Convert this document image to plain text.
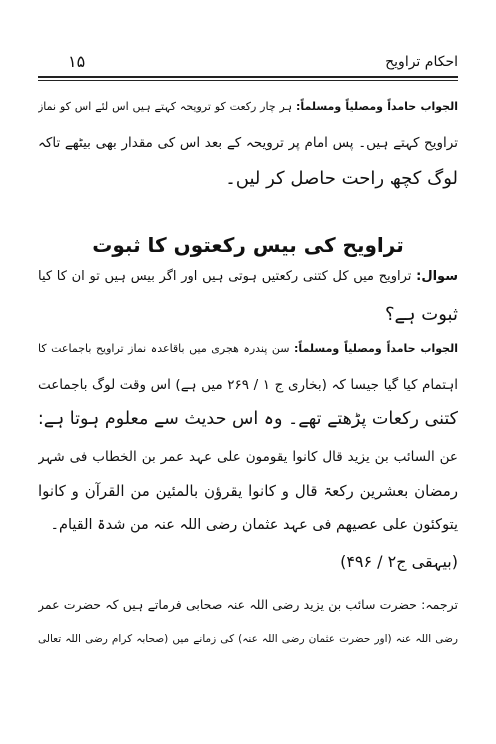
احکام تراویح
۱۵
الجواب حامداً ومصلیاً ومسلماً: ہر چار رکعت کو ترویحہ کہتے ہیں اس لئے اس کو نماز
تراویح کہتے ہیں۔ پس امام پر ترویحہ کے بعد اس کی مقدار بھی بیٹھے تاکہ
لوگ کچھ راحت حاصل کر لیں۔
تراویح کی بیس رکعتوں کا ثبوت
سوال: تراویح میں کل کتنی رکعتیں ہوتی ہیں اور اگر بیس ہیں تو ان کا کیا
ثبوت ہے؟
الجواب حامداً ومصلیاً ومسلماً: سن پندرہ ھجری میں باقاعدہ نماز تراویح باجماعت کا
اہتمام کیا گیا جیسا کہ (بخاری ج ۱ / ۲۶۹ میں ہے) اس وقت لوگ باجماعت
کتنی رکعات پڑھتے تھے۔ وہ اس حدیث سے معلوم ہوتا ہے:
عن السائب بن یزید قال کانوا یقومون علی عہد عمر بن الخطاب فی شہر
رمضان بعشرین رکعۃ قال و کانوا یقرؤن بالمئین من القرآن و کانوا
یتوکئون علی عصیهم فی عہد عثمان رضی اللہ عنہ من شدۃ القیام۔
(بیہقی ج۲ / ۴۹۶)
ترجمہ: حضرت سائب بن یزید رضی اللہ عنہ صحابی فرماتے ہیں کہ حضرت عمر
رضی اللہ عنہ (اور حضرت عثمان رضی اللہ عنہ) کی زمانے میں (صحابہ کرام رضی اللہ تعالی
